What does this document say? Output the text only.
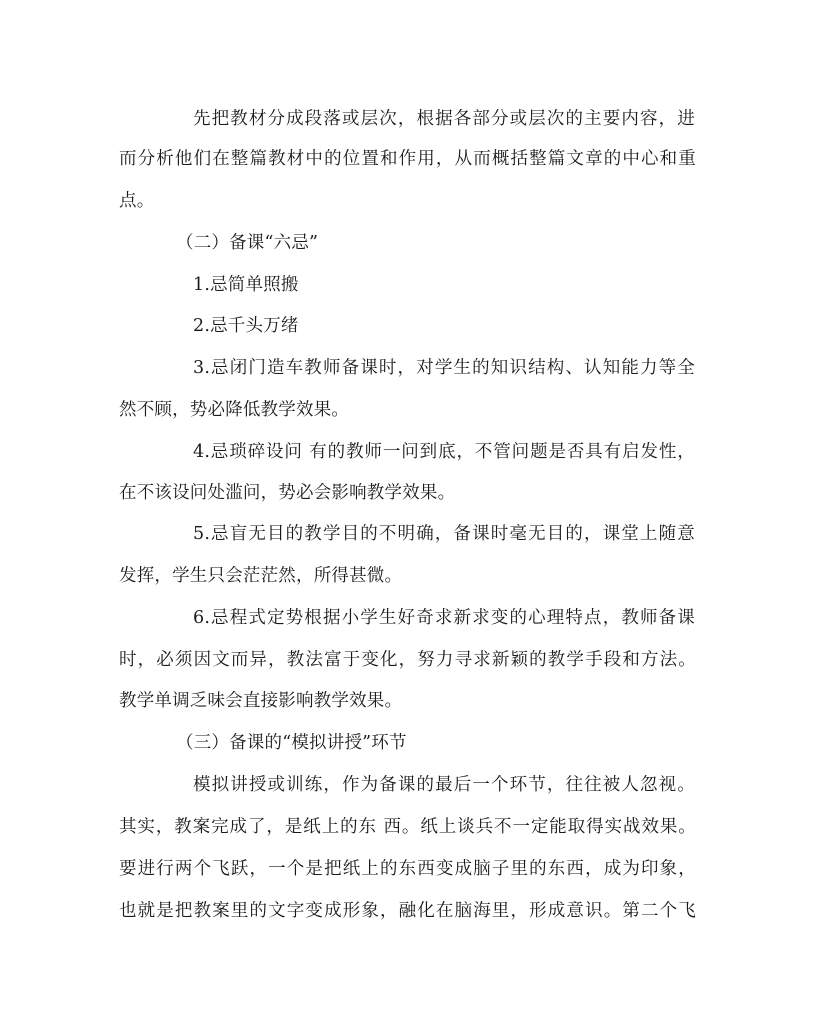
先把教材分成段落或层次，根据各部分或层次的主要内容，进
而分析他们在整篇教材中的位置和作用，从而概括整篇文章的中心和重
点。
（二）备课“六忌”
1.忌简单照搬
2.忌千头万绪
3.忌闭门造车教师备课时，对学生的知识结构、认知能力等全
然不顾，势必降低教学效果。
4.忌琐碎设问 有的教师一问到底，不管问题是否具有启发性，
在不该设问处滥问，势必会影响教学效果。
5.忌盲无目的教学目的不明确，备课时毫无目的，课堂上随意
发挥，学生只会茫茫然，所得甚微。
6.忌程式定势根据小学生好奇求新求变的心理特点，教师备课
时，必须因文而异，教法富于变化，努力寻求新颖的教学手段和方法。
教学单调乏味会直接影响教学效果。
（三）备课的“模拟讲授”环节
模拟讲授或训练，作为备课的最后一个环节，往往被人忽视。
其实，教案完成了，是纸上的东 西。纸上谈兵不一定能取得实战效果。
要进行两个飞跃，一个是把纸上的东西变成脑子里的东西，成为印象，
也就是把教案里的文字变成形象，融化在脑海里，形成意识。第二个飞
